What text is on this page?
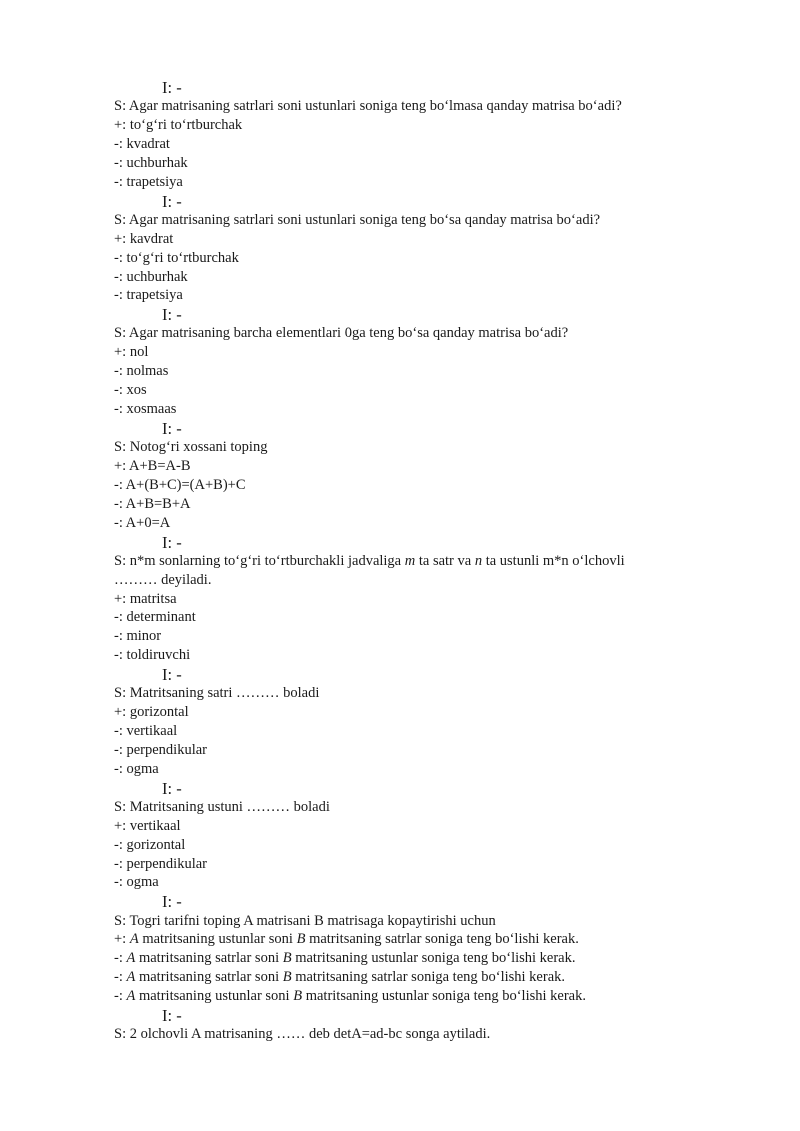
I: -
S: Agar matrisaning satrlari soni ustunlari soniga teng bo‘lmasa qanday matrisa bo‘adi?
+: to‘g‘ri to‘rtburchak
-: kvadrat
-: uchburhak
-: trapetsiya
I: -
S: Agar matrisaning satrlari soni ustunlari soniga teng bo‘sa qanday matrisa bo‘adi?
+: kavdrat
-: to‘g‘ri to‘rtburchak
-: uchburhak
-: trapetsiya
I: -
S: Agar matrisaning barcha elementlari 0ga teng bo‘sa qanday matrisa bo‘adi?
+: nol
-: nolmas
-: xos
-: xosmaas
I: -
S: Notog‘ri xossani toping
+: A+B=A-B
-: A+(B+C)=(A+B)+C
-: A+B=B+A
-: A+0=A
I: -
S: n*m sonlarning to‘g‘ri to‘rtburchakli jadvaliga m ta satr va n ta ustunli m*n o‘lchovli
……… deyiladi.
+: matritsa
-: determinant
-: minor
-: toldiruvchi
I: -
S: Matritsaning satri ……… boladi
+: gorizontal
-: vertikaal
-: perpendikular
-: ogma
I: -
S: Matritsaning ustuni ……… boladi
+: vertikaal
-: gorizontal
-: perpendikular
-: ogma
I: -
S: Togri tarifni toping A matrisani B matrisaga kopaytirishi uchun
+: A matritsaning ustunlar soni B matritsaning satrlar soniga teng bo‘lishi kerak.
-: A matritsaning satrlar soni B matritsaning ustunlar soniga teng bo‘lishi kerak.
-: A matritsaning satrlar soni B matritsaning satrlar soniga teng bo‘lishi kerak.
-: A matritsaning ustunlar soni B matritsaning ustunlar soniga teng bo‘lishi kerak.
I: -
S: 2 olchovli A matrisaning …… deb detA=ad-bc songa aytiladi.
